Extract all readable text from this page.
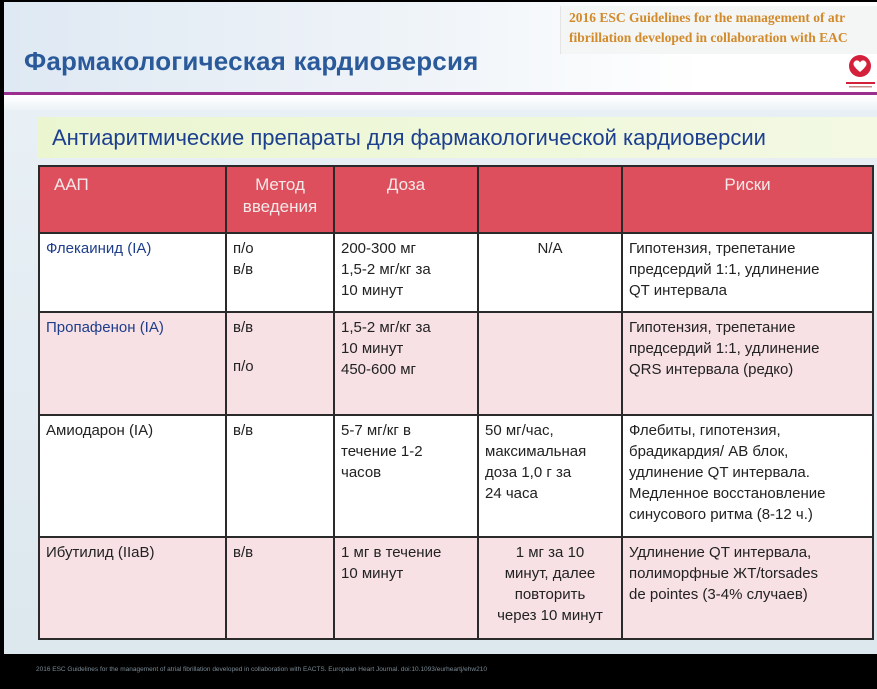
2016 ESC Guidelines for the management of atr
fibrillation developed in collaboration with EAC
Фармакологическая кардиоверсия
Антиаритмические препараты для фармакологической кардиоверсии
ААП	Метод
введения	Доза		Риски
Флекаинид (IA)	п/о
в/в	200-300 мг
1,5-2 мг/кг за
10 минут	N/A	Гипотензия, трепетание
предсердий 1:1, удлинение
QT интервала

Пропафенон (IA)	в/в
п/о	1,5-2 мг/кг за
10 минут
450-600 мг		Гипотензия, трепетание
предсердий 1:1, удлинение
QRS интервала (редко)

Амиодарон (IA)	в/в	5-7 мг/кг в
течение 1-2
часов	50 мг/час,
максимальная
доза 1,0 г за
24 часа	Флебиты, гипотензия,
брадикардия/ АВ блок,
удлинение QT интервала.
Медленное восстановление
синусового ритма (8-12 ч.)

Ибутилид (IIaB)	в/в	1 мг в течение
10 минут	1 мг за 10
минут, далее
повторить
через 10 минут	Удлинение QT интервала,
полиморфные ЖТ/torsades
de pointes (3-4% случаев)
2016 ESC Guidelines for the management of atrial fibrillation developed in collaboration with EACTS. European Heart Journal. doi:10.1093/eurheartj/ehw210
